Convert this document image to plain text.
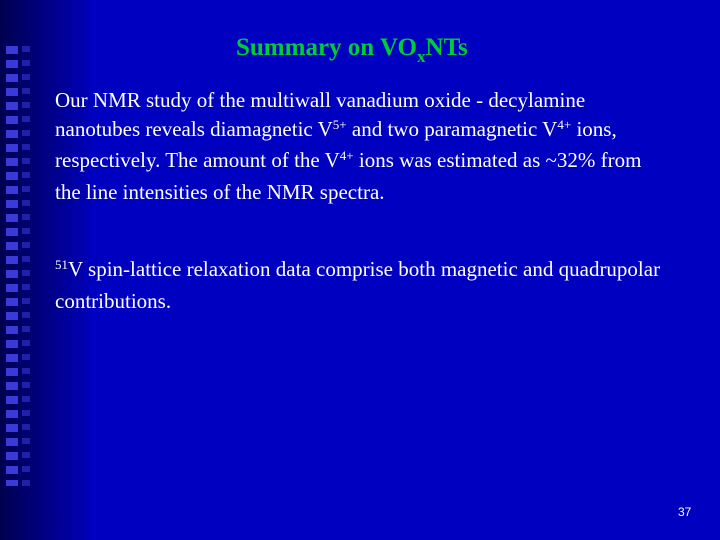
Summary on $VO_xNTs$
Our NMR study of the multiwall vanadium oxide - decylamine nanotubes reveals diamagnetic $V^{5+}$ and two paramagnetic $V^{4+}$ ions, respectively. The amount of the $V^{4+}$ ions was estimated as ~32% from the line intensities of the NMR spectra.
$^{51}$V spin-lattice relaxation data comprise both magnetic and quadrupolar contributions.
37
